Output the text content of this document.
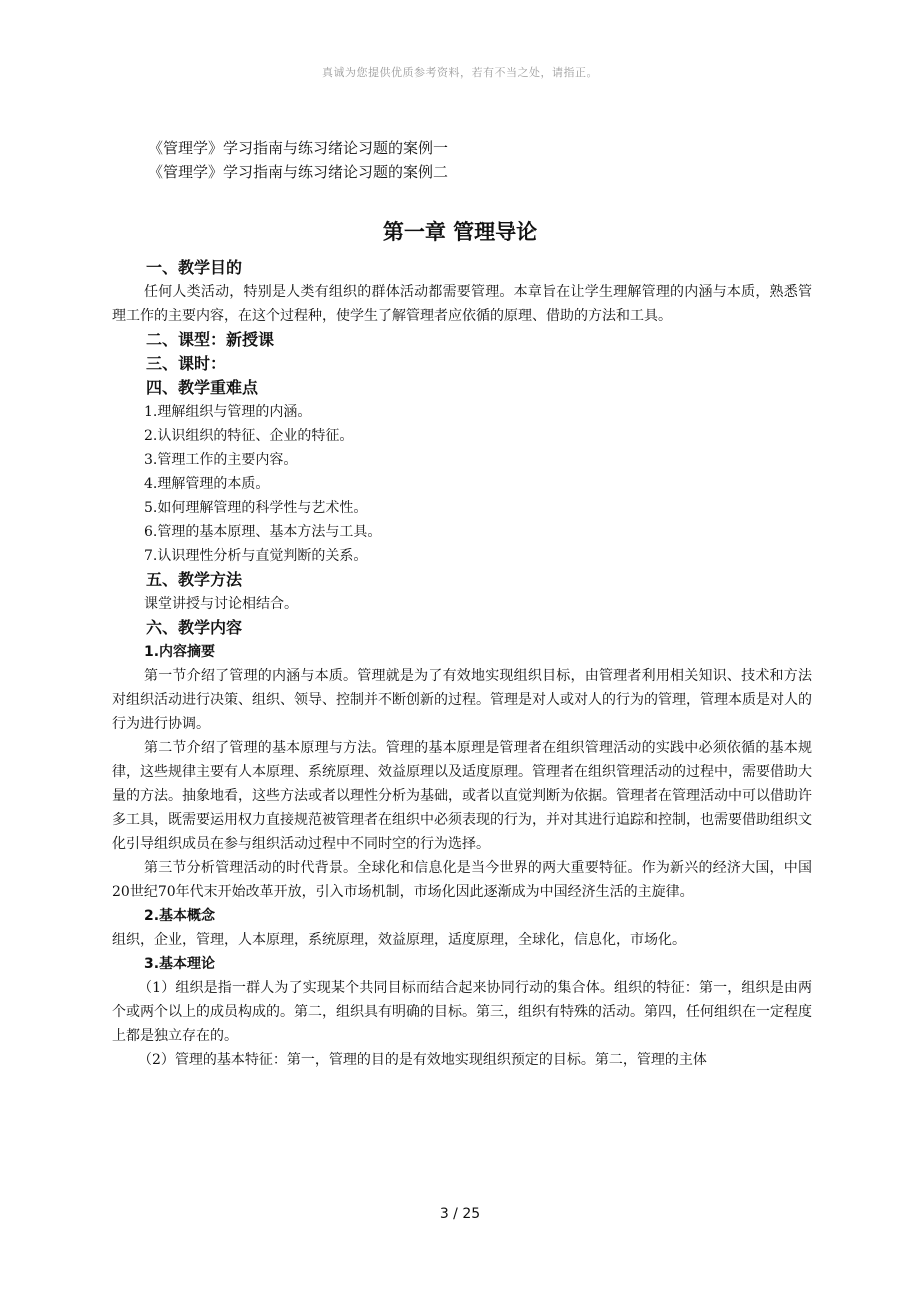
真诚为您提供优质参考资料，若有不当之处，请指正。
《管理学》学习指南与练习绪论习题的案例一
《管理学》学习指南与练习绪论习题的案例二
第一章 管理导论
一、教学目的
任何人类活动，特别是人类有组织的群体活动都需要管理。本章旨在让学生理解管理的内涵与本质，熟悉管理工作的主要内容，在这个过程种，使学生了解管理者应依循的原理、借助的方法和工具。
二、课型：新授课
三、课时：
四、教学重难点
1.理解组织与管理的内涵。
2.认识组织的特征、企业的特征。
3.管理工作的主要内容。
4.理解管理的本质。
5.如何理解管理的科学性与艺术性。
6.管理的基本原理、基本方法与工具。
7.认识理性分析与直觉判断的关系。
五、教学方法
课堂讲授与讨论相结合。
六、教学内容
1.内容摘要
第一节介绍了管理的内涵与本质。管理就是为了有效地实现组织目标，由管理者利用相关知识、技术和方法对组织活动进行决策、组织、领导、控制并不断创新的过程。管理是对人或对人的行为的管理，管理本质是对人的行为进行协调。
第二节介绍了管理的基本原理与方法。管理的基本原理是管理者在组织管理活动的实践中必须依循的基本规律，这些规律主要有人本原理、系统原理、效益原理以及适度原理。管理者在组织管理活动的过程中，需要借助大量的方法。抽象地看，这些方法或者以理性分析为基础，或者以直觉判断为依据。管理者在管理活动中可以借助许多工具，既需要运用权力直接规范被管理者在组织中必须表现的行为，并对其进行追踪和控制，也需要借助组织文化引导组织成员在参与组织活动过程中不同时空的行为选择。
第三节分析管理活动的时代背景。全球化和信息化是当今世界的两大重要特征。作为新兴的经济大国，中国20世纪70年代末开始改革开放，引入市场机制，市场化因此逐渐成为中国经济生活的主旋律。
2.基本概念
组织，企业，管理，人本原理，系统原理，效益原理，适度原理，全球化，信息化，市场化。
3.基本理论
（1）组织是指一群人为了实现某个共同目标而结合起来协同行动的集合体。组织的特征：第一，组织是由两个或两个以上的成员构成的。第二，组织具有明确的目标。第三，组织有特殊的活动。第四，任何组织在一定程度上都是独立存在的。
（2）管理的基本特征：第一，管理的目的是有效地实现组织预定的目标。第二，管理的主体
3 / 25
